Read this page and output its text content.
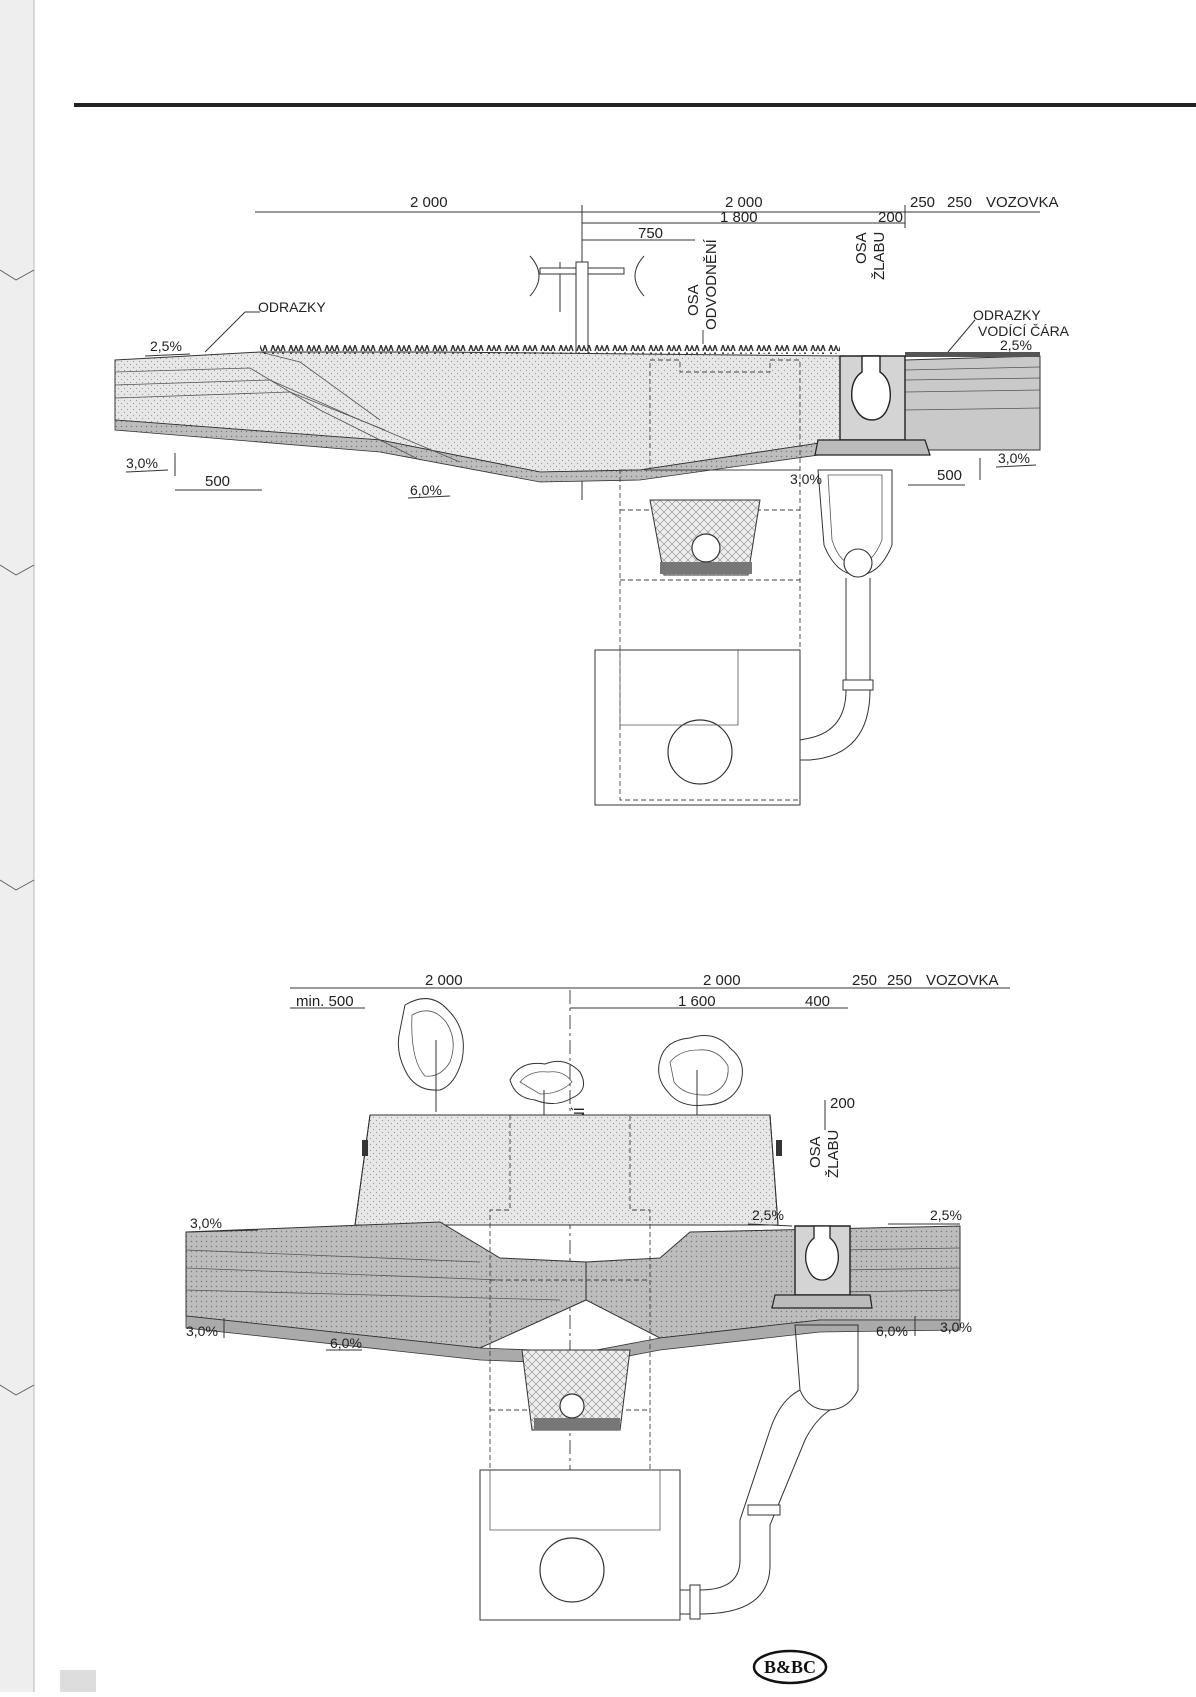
2 000	2 000
1 800
750
200
250 250 VOZOVKA
OSA ODVODNĚNÍ	OSA ŽLABU
2,5%
ODRAZKY
3,0%
500	6,0%
3,0%	500
3,0%
ODRAZKY
VODÍCÍ ČÁRA
2,5%
2 000	2 000
min. 500	1 600	400
250 250 VOZOVKA
200
OSA ŽLABU
3,0%	2,5%	2,5%
3,0%
6,0%
6,0% 3,0%
B&BC
